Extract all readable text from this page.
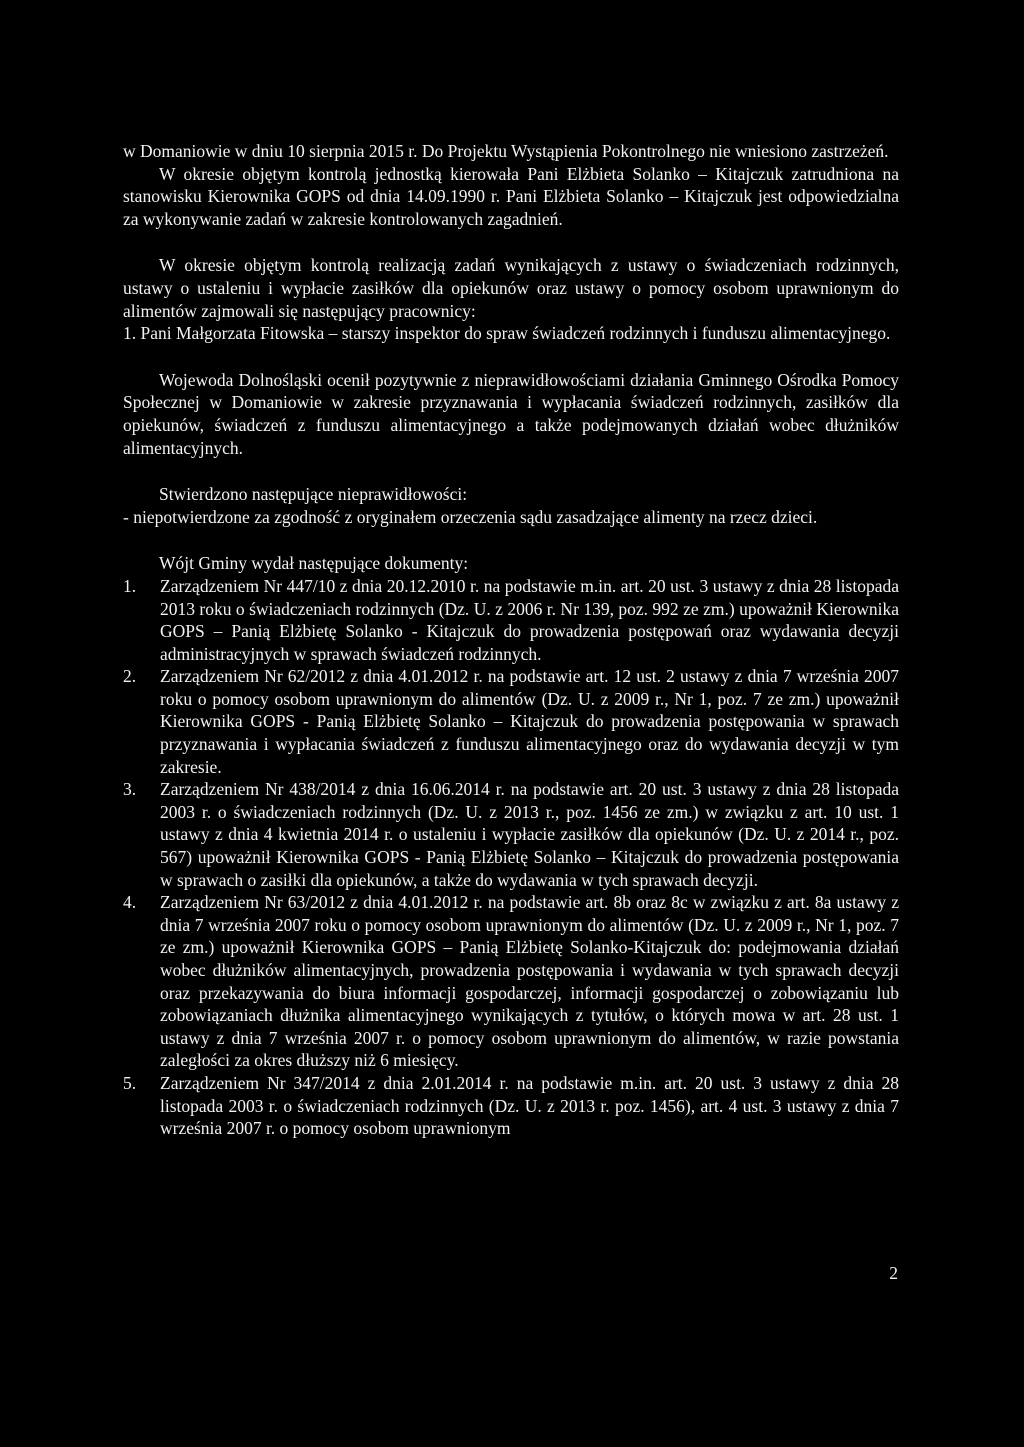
w Domaniowie w dniu 10 sierpnia 2015 r. Do Projektu Wystąpienia Pokontrolnego nie wniesiono zastrzeżeń.

W okresie objętym kontrolą jednostką kierowała Pani Elżbieta Solanko – Kitajczuk zatrudniona na stanowisku Kierownika GOPS od dnia 14.09.1990 r. Pani Elżbieta Solanko – Kitajczuk jest odpowiedzialna za wykonywanie zadań w zakresie kontrolowanych zagadnień.

W okresie objętym kontrolą realizacją zadań wynikających z ustawy o świadczeniach rodzinnych, ustawy o ustaleniu i wypłacie zasiłków dla opiekunów oraz ustawy o pomocy osobom uprawnionym do alimentów zajmowali się następujący pracownicy:

1. Pani Małgorzata Fitowska – starszy inspektor do spraw świadczeń rodzinnych i funduszu alimentacyjnego.

Wojewoda Dolnośląski ocenił pozytywnie z nieprawidłowościami działania Gminnego Ośrodka Pomocy Społecznej w Domaniowie w zakresie przyznawania i wypłacania świadczeń rodzinnych, zasiłków dla opiekunów, świadczeń z funduszu alimentacyjnego a także podejmowanych działań wobec dłużników alimentacyjnych.

Stwierdzono następujące nieprawidłowości:

- niepotwierdzone za zgodność z oryginałem orzeczenia sądu zasadzające alimenty na rzecz dzieci.

Wójt Gminy wydał następujące dokumenty:

1. Zarządzeniem Nr 447/10 z dnia 20.12.2010 r. na podstawie m.in. art. 20 ust. 3 ustawy z dnia 28 listopada 2013 roku o świadczeniach rodzinnych (Dz. U. z 2006 r. Nr 139, poz. 992 ze zm.) upoważnił Kierownika GOPS – Panią Elżbietę Solanko - Kitajczuk do prowadzenia postępowań oraz wydawania decyzji administracyjnych w sprawach świadczeń rodzinnych.
2. Zarządzeniem Nr 62/2012 z dnia 4.01.2012 r. na podstawie art. 12 ust. 2 ustawy z dnia 7 września 2007 roku o pomocy osobom uprawnionym do alimentów (Dz. U. z 2009 r., Nr 1, poz. 7 ze zm.) upoważnił Kierownika GOPS - Panią Elżbietę Solanko – Kitajczuk do prowadzenia postępowania w sprawach przyznawania i wypłacania świadczeń z funduszu alimentacyjnego oraz do wydawania decyzji w tym zakresie.
3. Zarządzeniem Nr 438/2014 z dnia 16.06.2014 r. na podstawie art. 20 ust. 3 ustawy z dnia 28 listopada 2003 r. o świadczeniach rodzinnych (Dz. U. z 2013 r., poz. 1456 ze zm.) w związku z art. 10 ust. 1 ustawy z dnia 4 kwietnia 2014 r. o ustaleniu i wypłacie zasiłków dla opiekunów (Dz. U. z 2014 r., poz. 567) upoważnił Kierownika GOPS - Panią Elżbietę Solanko – Kitajczuk do prowadzenia postępowania w sprawach o zasiłki dla opiekunów, a także do wydawania w tych sprawach decyzji.
4. Zarządzeniem Nr 63/2012 z dnia 4.01.2012 r. na podstawie art. 8b oraz 8c w związku z art. 8a ustawy z dnia 7 września 2007 roku o pomocy osobom uprawnionym do alimentów (Dz. U. z 2009 r., Nr 1, poz. 7 ze zm.) upoważnił Kierownika GOPS – Panią Elżbietę Solanko-Kitajczuk do: podejmowania działań wobec dłużników alimentacyjnych, prowadzenia postępowania i wydawania w tych sprawach decyzji oraz przekazywania do biura informacji gospodarczej, informacji gospodarczej o zobowiązaniu lub zobowiązaniach dłużnika alimentacyjnego wynikających z tytułów, o których mowa w art. 28 ust. 1 ustawy z dnia 7 września 2007 r. o pomocy osobom uprawnionym do alimentów, w razie powstania zaległości za okres dłuższy niż 6 miesięcy.
5. Zarządzeniem Nr 347/2014 z dnia 2.01.2014 r. na podstawie m.in. art. 20 ust. 3 ustawy z dnia 28 listopada 2003 r. o świadczeniach rodzinnych (Dz. U. z 2013 r. poz. 1456), art. 4 ust. 3 ustawy z dnia 7 września 2007 r. o pomocy osobom uprawnionym
2
